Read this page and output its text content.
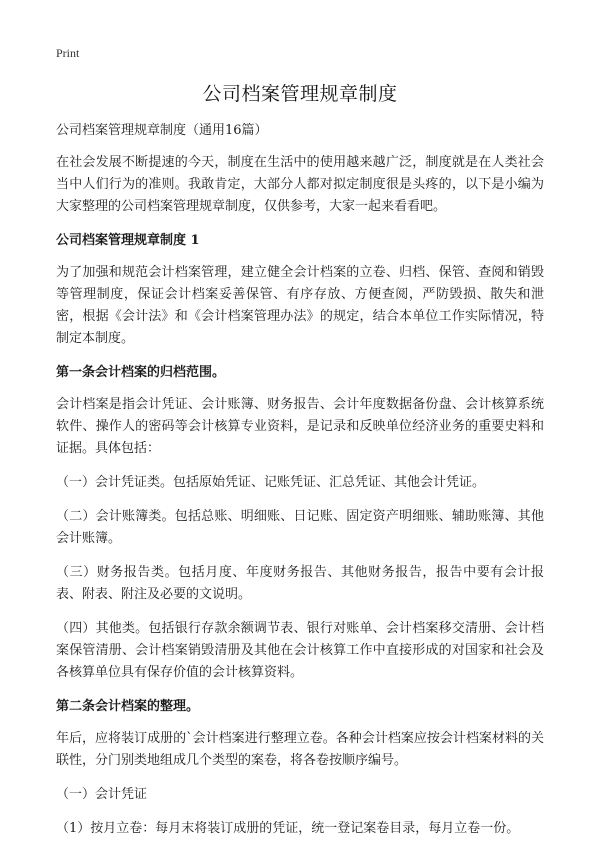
Print
公司档案管理规章制度

公司档案管理规章制度（通用16篇）

在社会发展不断提速的今天，制度在生活中的使用越来越广泛，制度就是在人类社会当中人们行为的准则。我敢肯定，大部分人都对拟定制度很是头疼的，以下是小编为大家整理的公司档案管理规章制度，仅供参考，大家一起来看看吧。

公司档案管理规章制度 1

为了加强和规范会计档案管理，建立健全会计档案的立卷、归档、保管、查阅和销毁等管理制度，保证会计档案妥善保管、有序存放、方便查阅，严防毁损、散失和泄密，根据《会计法》和《会计档案管理办法》的规定，结合本单位工作实际情况，特制定本制度。

第一条会计档案的归档范围。

会计档案是指会计凭证、会计账簿、财务报告、会计年度数据备份盘、会计核算系统软件、操作人的密码等会计核算专业资料，是记录和反映单位经济业务的重要史料和证据。具体包括：

（一）会计凭证类。包括原始凭证、记账凭证、汇总凭证、其他会计凭证。

（二）会计账簿类。包括总账、明细账、日记账、固定资产明细账、辅助账簿、其他会计账簿。

（三）财务报告类。包括月度、年度财务报告、其他财务报告，报告中要有会计报表、附表、附注及必要的文说明。

（四）其他类。包括银行存款余额调节表、银行对账单、会计档案移交清册、会计档案保管清册、会计档案销毁清册及其他在会计核算工作中直接形成的对国家和社会及各核算单位具有保存价值的会计核算资料。

第二条会计档案的整理。

年后，应将装订成册的`会计档案进行整理立卷。各种会计档案应按会计档案材料的关联性，分门别类地组成几个类型的案卷，将各卷按顺序编号。

（一）会计凭证

（1）按月立卷：每月末将装订成册的凭证，统一登记案卷目录，每月立卷一份。
